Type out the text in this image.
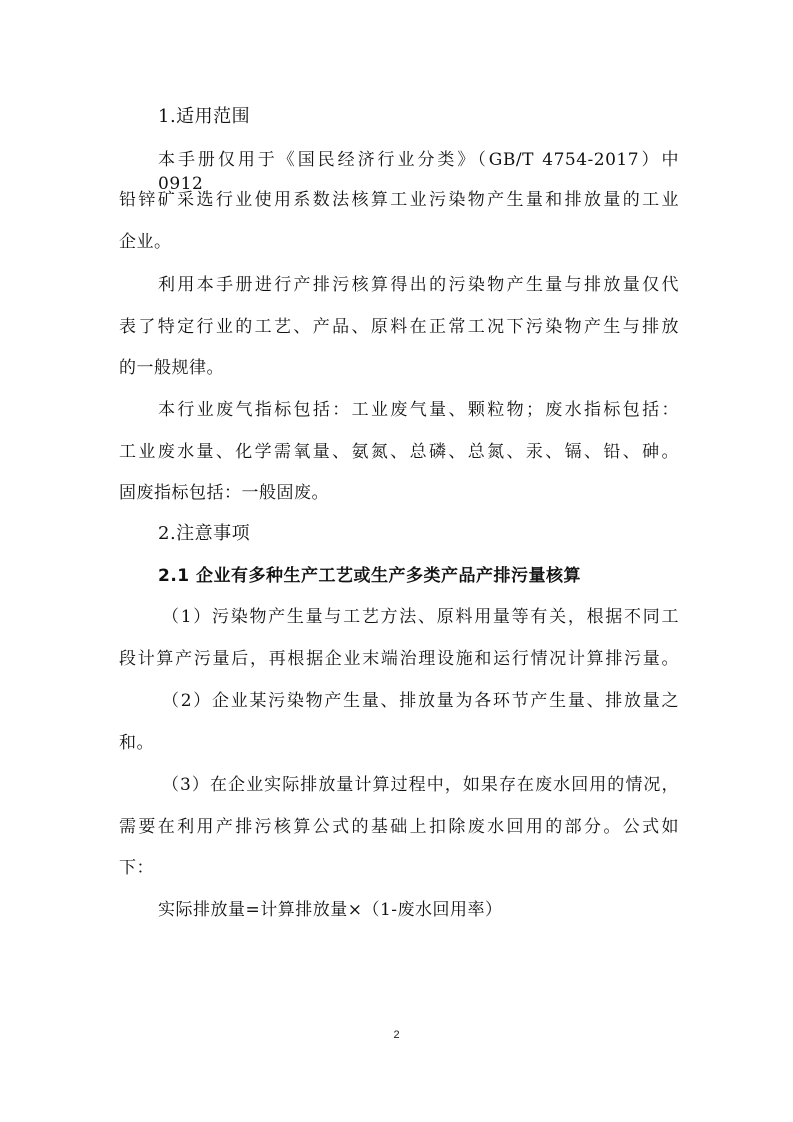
1.适用范围
本手册仅用于《国民经济行业分类》（GB/T 4754-2017）中 0912
铅锌矿采选行业使用系数法核算工业污染物产生量和排放量的工业
企业。
利用本手册进行产排污核算得出的污染物产生量与排放量仅代
表了特定行业的工艺、产品、原料在正常工况下污染物产生与排放
的一般规律。
本行业废气指标包括：工业废气量、颗粒物；废水指标包括：
工业废水量、化学需氧量、氨氮、总磷、总氮、汞、镉、铅、砷。
固废指标包括：一般固废。
2.注意事项
2.1 企业有多种生产工艺或生产多类产品产排污量核算
（1）污染物产生量与工艺方法、原料用量等有关，根据不同工
段计算产污量后，再根据企业末端治理设施和运行情况计算排污量。
（2）企业某污染物产生量、排放量为各环节产生量、排放量之
和。
（3）在企业实际排放量计算过程中，如果存在废水回用的情况，
需要在利用产排污核算公式的基础上扣除废水回用的部分。公式如
下：
实际排放量=计算排放量×（1-废水回用率）
2
